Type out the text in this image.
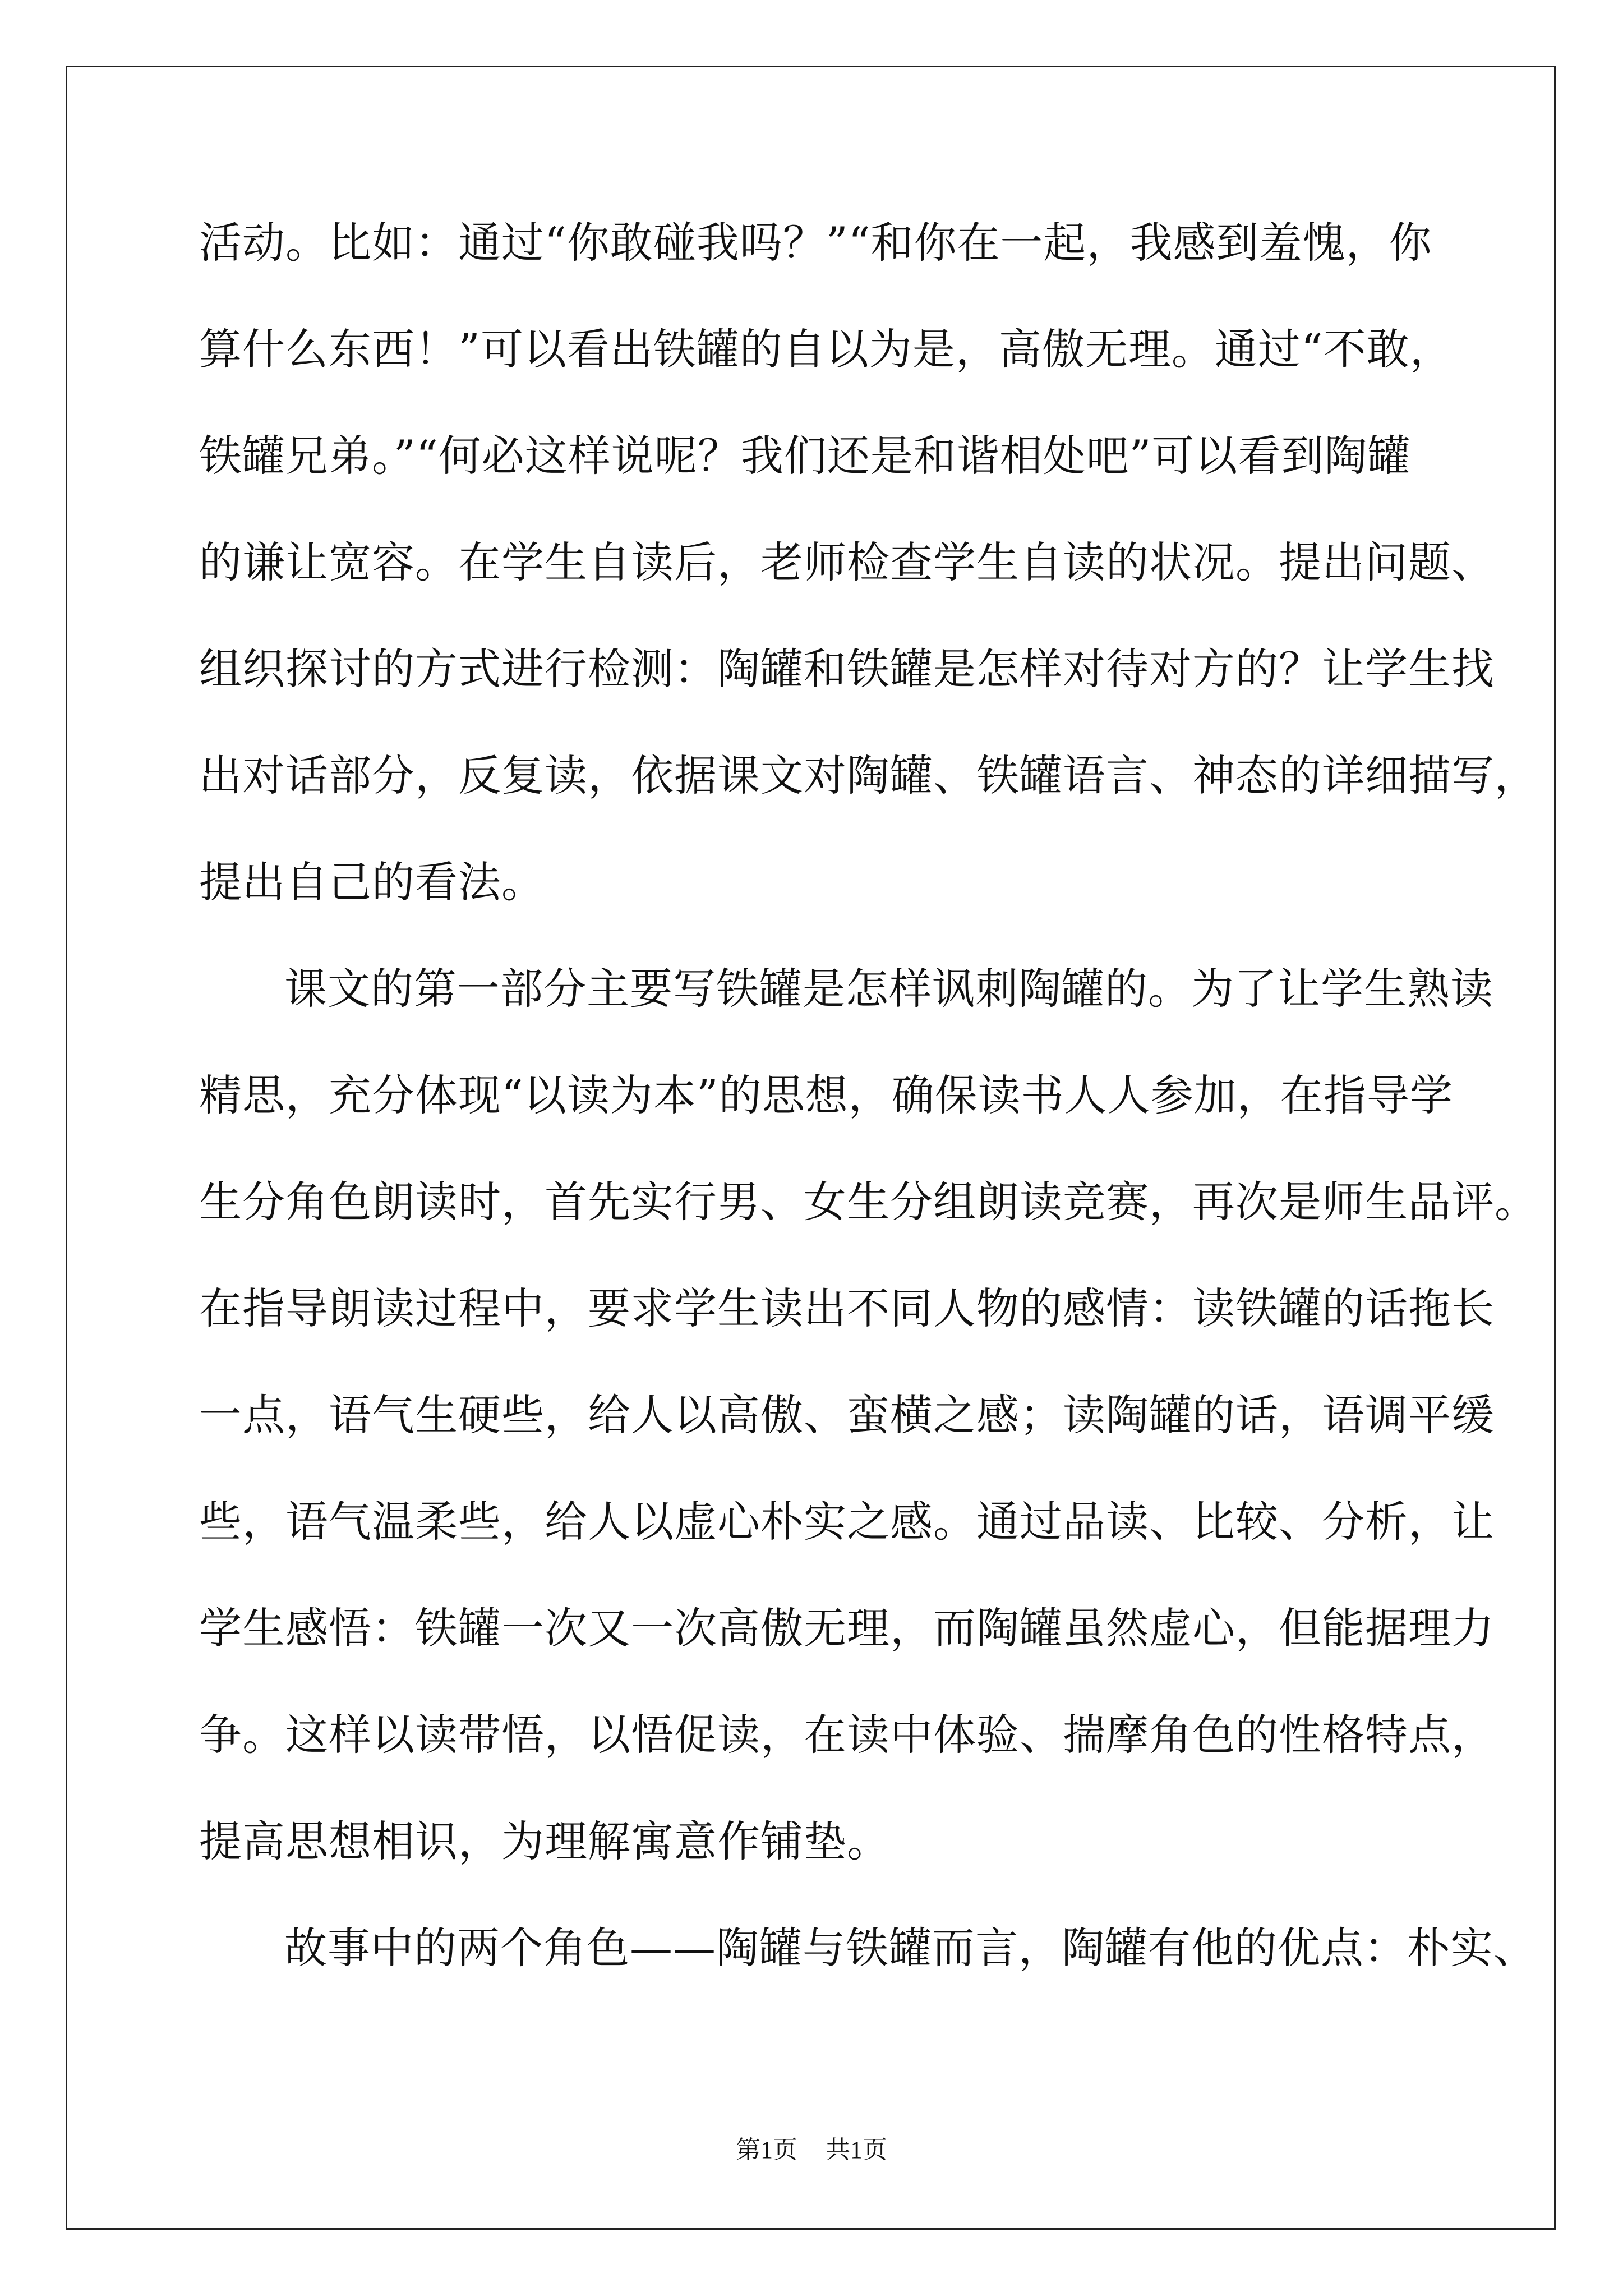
活动。比如：通过“你敢碰我吗？”“和你在一起，我感到羞愧，你
算什么东西！”可以看出铁罐的自以为是，高傲无理。通过“不敢，
铁罐兄弟。”“何必这样说呢？我们还是和谐相处吧”可以看到陶罐
的谦让宽容。在学生自读后，老师检查学生自读的状况。提出问题、
组织探讨的方式进行检测：陶罐和铁罐是怎样对待对方的？让学生找
出对话部分，反复读，依据课文对陶罐、铁罐语言、神态的详细描写，
提出自己的看法。
课文的第一部分主要写铁罐是怎样讽刺陶罐的。为了让学生熟读
精思，充分体现“以读为本”的思想，确保读书人人参加，在指导学
生分角色朗读时，首先实行男、女生分组朗读竞赛，再次是师生品评。
在指导朗读过程中，要求学生读出不同人物的感情：读铁罐的话拖长
一点，语气生硬些，给人以高傲、蛮横之感；读陶罐的话，语调平缓
些，语气温柔些，给人以虚心朴实之感。通过品读、比较、分析，让
学生感悟：铁罐一次又一次高傲无理，而陶罐虽然虚心，但能据理力
争。这样以读带悟，以悟促读，在读中体验、揣摩角色的性格特点，
提高思想相识，为理解寓意作铺垫。
故事中的两个角色——陶罐与铁罐而言，陶罐有他的优点：朴实、
第1页 共1页
